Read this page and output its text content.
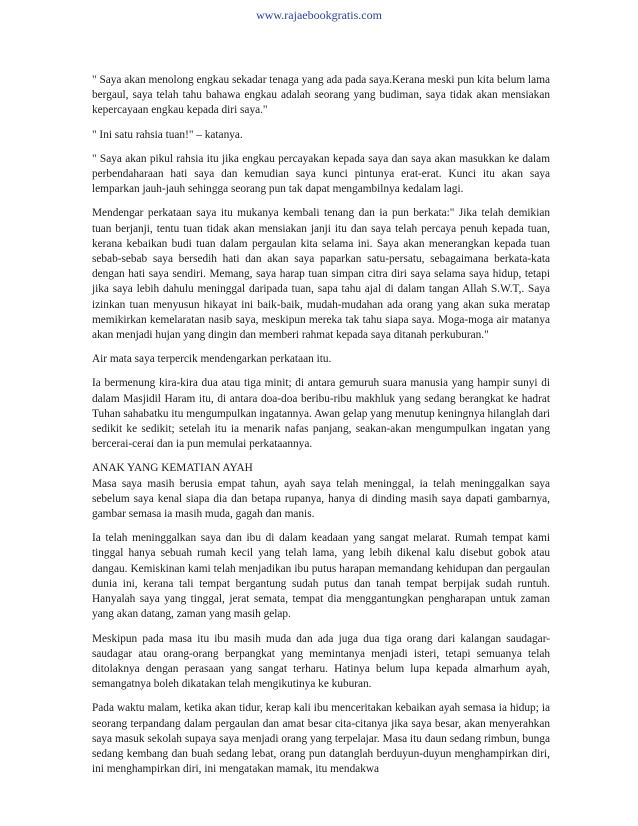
www.rajaebookgratis.com

" Saya akan menolong engkau sekadar tenaga yang ada pada saya.Kerana meski pun kita belum lama bergaul, saya telah tahu bahawa engkau adalah seorang yang budiman, saya tidak akan mensiakan kepercayaan engkau kepada diri saya."

" Ini satu rahsia tuan!" – katanya.

" Saya akan pikul rahsia itu jika engkau percayakan kepada saya dan saya akan masukkan ke dalam perbendaharaan hati saya dan kemudian saya kunci pintunya erat-erat. Kunci itu akan saya lemparkan jauh-jauh sehingga seorang pun tak dapat mengambilnya kedalam lagi.

Mendengar perkataan saya itu mukanya kembali tenang dan ia pun berkata:" Jika telah demikian tuan berjanji, tentu tuan tidak akan mensiakan janji itu dan saya telah percaya penuh kepada tuan, kerana kebaikan budi tuan dalam pergaulan kita selama ini. Saya akan menerangkan kepada tuan sebab-sebab saya bersedih hati dan akan saya paparkan satu-persatu, sebagaimana berkata-kata dengan hati saya sendiri. Memang, saya harap tuan simpan citra diri saya selama saya hidup, tetapi jika saya lebih dahulu meninggal daripada tuan, sapa tahu ajal di dalam tangan Allah S.W.T,. Saya izinkan tuan menyusun hikayat ini baik-baik, mudah-mudahan ada orang yang akan suka meratap memikirkan kemelaratan nasib saya, meskipun mereka tak tahu siapa saya. Moga-moga air matanya akan menjadi hujan yang dingin dan memberi rahmat kepada saya ditanah perkuburan."

Air mata saya terpercik mendengarkan perkataan itu.

Ia bermenung kira-kira dua atau tiga minit; di antara gemuruh suara manusia yang hampir sunyi di dalam Masjidil Haram itu, di antara doa-doa beribu-ribu makhluk yang sedang berangkat ke hadrat Tuhan sahabatku itu mengumpulkan ingatannya. Awan gelap yang menutup keningnya hilanglah dari sedikit ke sedikit; setelah itu ia menarik nafas panjang, seakan-akan mengumpulkan ingatan yang bercerai-cerai dan ia pun memulai perkataannya.

ANAK YANG KEMATIAN AYAH
Masa saya masih berusia empat tahun, ayah saya telah meninggal, ia telah meninggalkan saya sebelum saya kenal siapa dia dan betapa rupanya, hanya di dinding masih saya dapati gambarnya, gambar semasa ia masih muda, gagah dan manis.

Ia telah meninggalkan saya dan ibu di dalam keadaan yang sangat melarat. Rumah tempat kami tinggal hanya sebuah rumah kecil yang telah lama, yang lebih dikenal kalu disebut gobok atau dangau. Kemiskinan kami telah menjadikan ibu putus harapan memandang kehidupan dan pergaulan dunia ini, kerana tali tempat bergantung sudah putus dan tanah tempat berpijak sudah runtuh. Hanyalah saya yang tinggal, jerat semata, tempat dia menggantungkan pengharapan untuk zaman yang akan datang, zaman yang masih gelap.

Meskipun pada masa itu ibu masih muda dan ada juga dua tiga orang dari kalangan saudagar-saudagar atau orang-orang berpangkat yang memintanya menjadi isteri, tetapi semuanya telah ditolaknya dengan perasaan yang sangat terharu. Hatinya belum lupa kepada almarhum ayah, semangatnya boleh dikatakan telah mengikutinya ke kuburan.

Pada waktu malam, ketika akan tidur, kerap kali ibu menceritakan kebaikan ayah semasa ia hidup; ia seorang terpandang dalam pergaulan dan amat besar cita-citanya jika saya besar, akan menyerahkan saya masuk sekolah supaya saya menjadi orang yang terpelajar. Masa itu daun sedang rimbun, bunga sedang kembang dan buah sedang lebat, orang pun datanglah berduyun-duyun menghampirkan diri, ini menghampirkan diri, ini mengatakan mamak, itu mendakwa
